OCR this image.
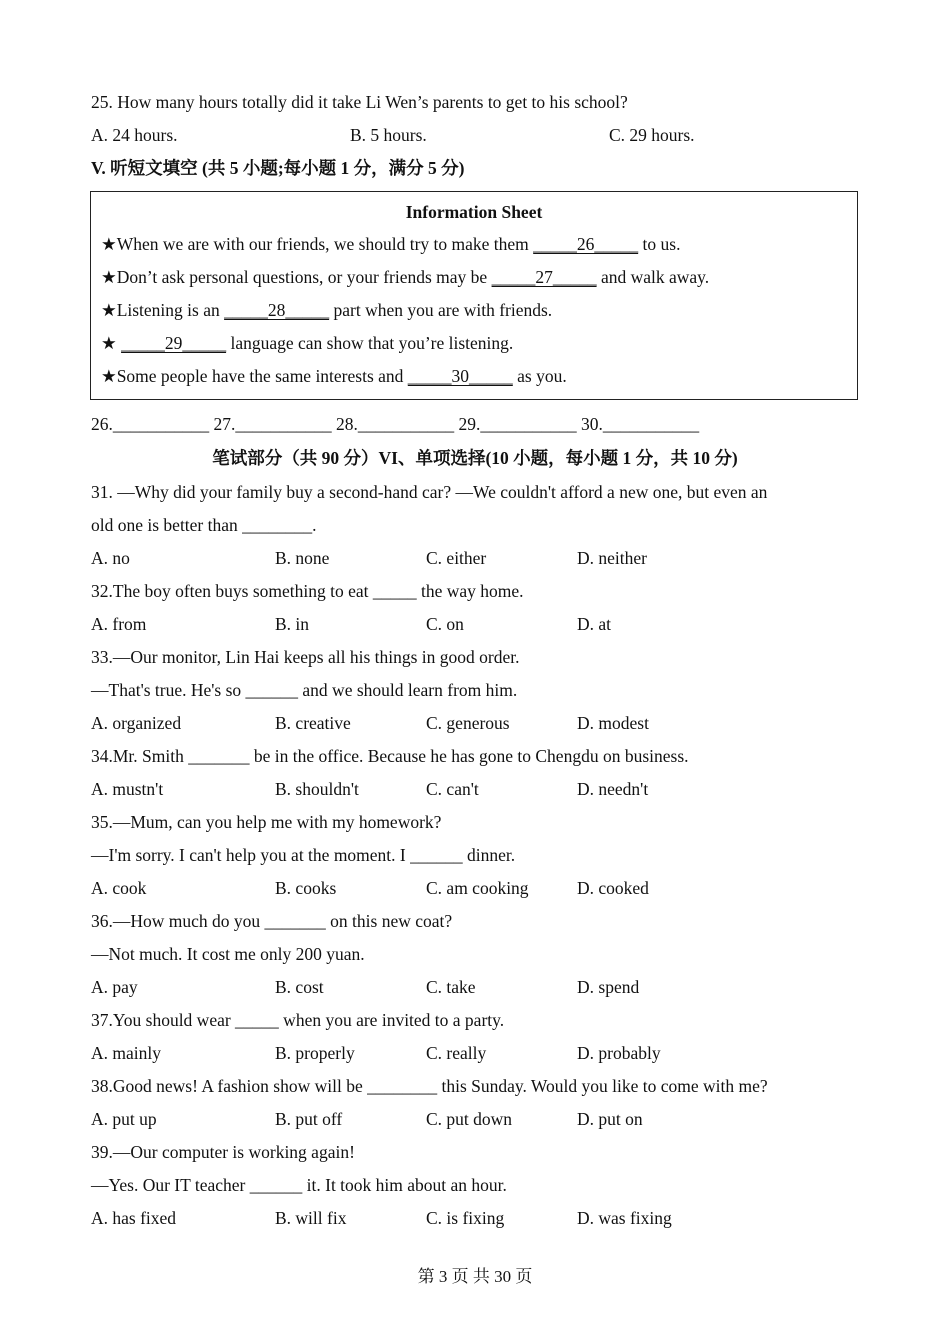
25. How many hours totally did it take Li Wen’s parents to get to his school?
A. 24 hours.	B. 5 hours.	C. 29 hours.
V. 听短文填空 (共 5 小题;每小题 1 分，满分 5 分)
Information Sheet
★When we are with our friends, we should try to make them _____26_____ to us.
★Don’t ask personal questions, or your friends may be _____27_____ and walk away.
★Listening is an _____28_____ part when you are with friends.
★ _____29_____ language can show that you’re listening.
★Some people have the same interests and _____30_____ as you.
26.___________ 27.___________ 28.___________ 29.___________ 30.___________
笔试部分（共 90 分）VI、单项选择(10 小题，每小题 1 分，共 10 分)
31. —Why did your family buy a second-hand car? —We couldn't afford a new one, but even an
old one is better than ________.
A. no	B. none	C. either	D. neither
32.The boy often buys something to eat _____ the way home.
A. from	B. in	C. on	D. at
33.—Our monitor, Lin Hai keeps all his things in good order.
—That's true. He's so ______ and we should learn from him.
A. organized	B. creative	C. generous	D. modest
34.Mr. Smith _______ be in the office. Because he has gone to Chengdu on business.
A. mustn't	B. shouldn't	C. can't	D. needn't
35.—Mum, can you help me with my homework?
—I'm sorry. I can't help you at the moment. I ______ dinner.
A. cook	B. cooks	C. am cooking	D. cooked
36.—How much do you _______ on this new coat?
—Not much. It cost me only 200 yuan.
A. pay	B. cost	C. take	D. spend
37.You should wear _____ when you are invited to a party.
A. mainly	B. properly	C. really	D. probably
38.Good news! A fashion show will be ________ this Sunday. Would you like to come with me?
A. put up	B. put off	C. put down	D. put on
39.—Our computer is working again!
—Yes. Our IT teacher ______ it. It took him about an hour.
A. has fixed	B. will fix	C. is fixing	D. was fixing
第 3 页 共 30 页
